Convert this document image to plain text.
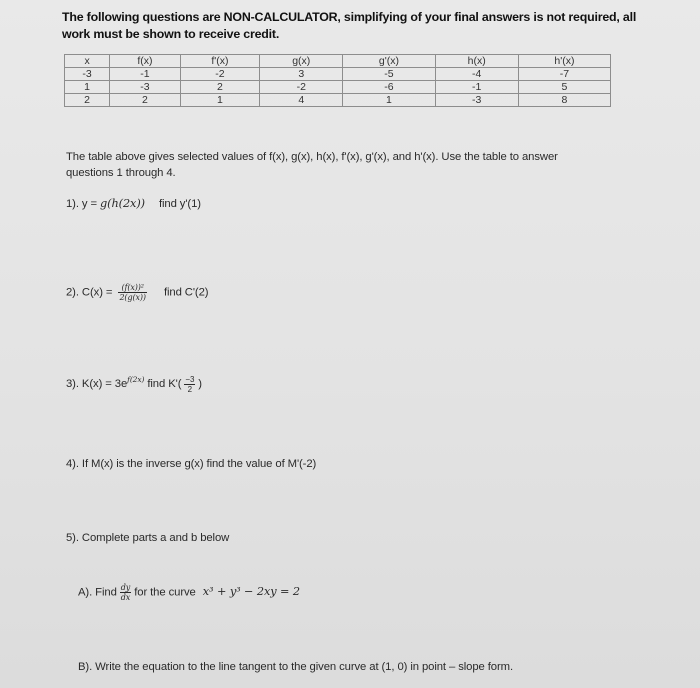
The following questions are NON-CALCULATOR, simplifying of your final answers is not required, all work must be shown to receive credit.
x	f(x)	f'(x)	g(x)	g'(x)	h(x)	h'(x)
-3	-1	-2	3	-5	-4	-7
1	-3	2	-2	-6	-1	5
2	2	1	4	1	-3	8
The table above gives selected values of f(x), g(x), h(x), f'(x), g'(x), and h'(x). Use the table to answer questions 1 through 4.
1). y = g(h(2x)) find y'(1)
2). $C(x) = \frac{\text{(f(x))²}}{2(g(x))}$ find C'(2)
3). $K(x) = 3e^{f(2x)}$ find $K'( \frac{-3}{2}$ )
4). If M(x) is the inverse g(x) find the value of M'(-2)
5). Complete parts a and b below
A). Find $\frac{dy}{dx}$ for the curve x³ + y³ − 2xy = 2
B). Write the equation to the line tangent to the given curve at (1, 0) in point – slope form.
